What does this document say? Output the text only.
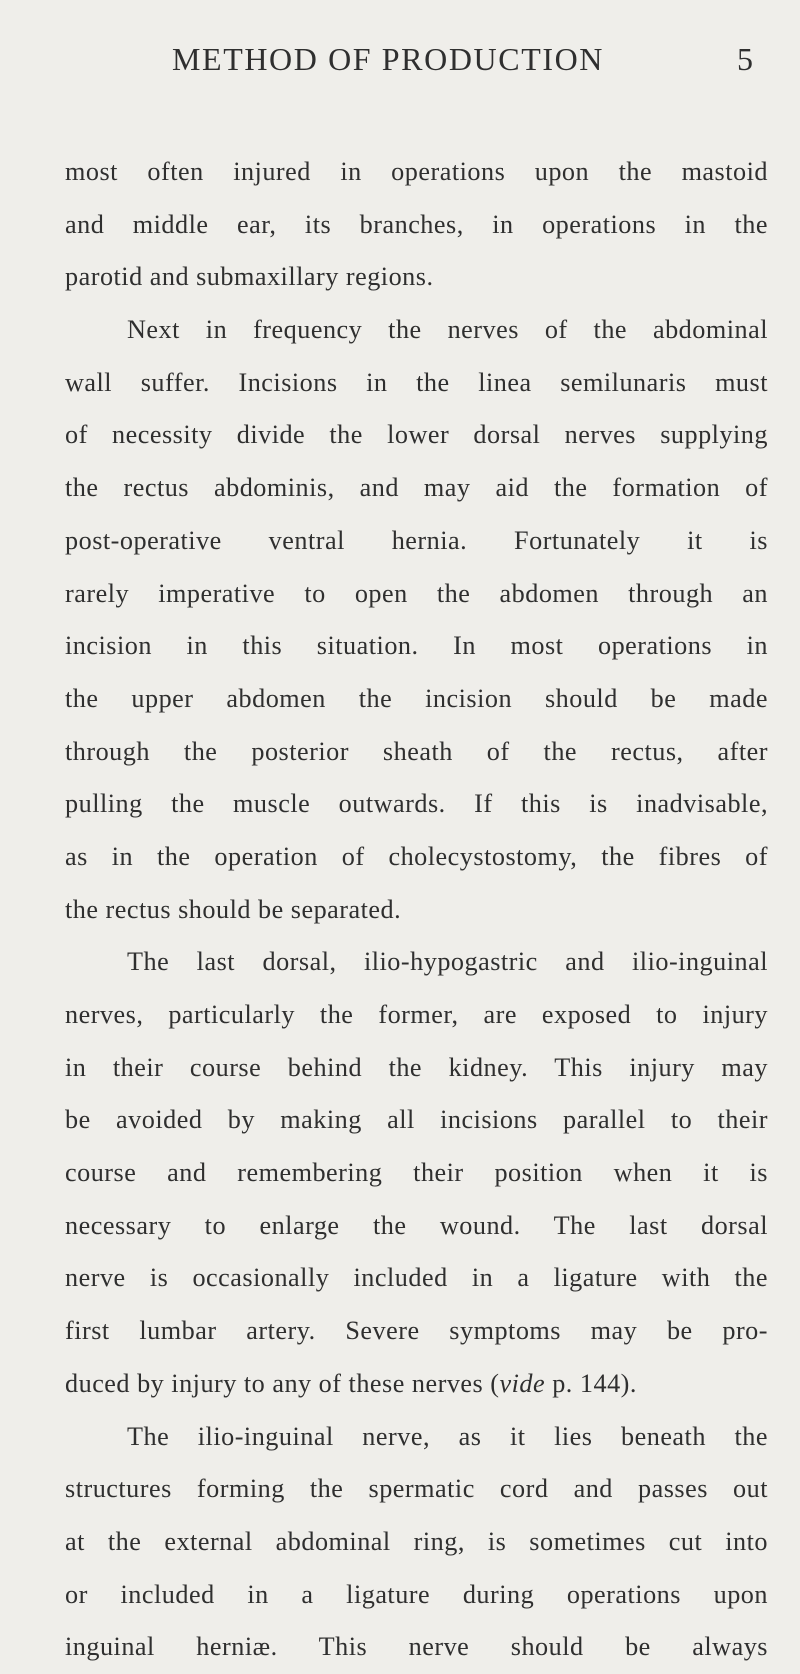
METHOD OF PRODUCTION	5
most often injured in operations upon the mastoid
and middle ear, its branches, in operations in the
parotid and submaxillary regions.
Next in frequency the nerves of the abdominal
wall suffer. Incisions in the linea semilunaris must
of necessity divide the lower dorsal nerves supplying
the rectus abdominis, and may aid the formation of
post-operative ventral hernia. Fortunately it is
rarely imperative to open the abdomen through an
incision in this situation. In most operations in
the upper abdomen the incision should be made
through the posterior sheath of the rectus, after
pulling the muscle outwards. If this is inadvisable,
as in the operation of cholecystostomy, the fibres of
the rectus should be separated.
The last dorsal, ilio-hypogastric and ilio-inguinal
nerves, particularly the former, are exposed to injury
in their course behind the kidney. This injury may
be avoided by making all incisions parallel to their
course and remembering their position when it is
necessary to enlarge the wound. The last dorsal
nerve is occasionally included in a ligature with the
first lumbar artery. Severe symptoms may be pro-
duced by injury to any of these nerves (vide p. 144).
The ilio-inguinal nerve, as it lies beneath the
structures forming the spermatic cord and passes out
at the external abdominal ring, is sometimes cut into
or included in a ligature during operations upon
inguinal herniæ. This nerve should be always
